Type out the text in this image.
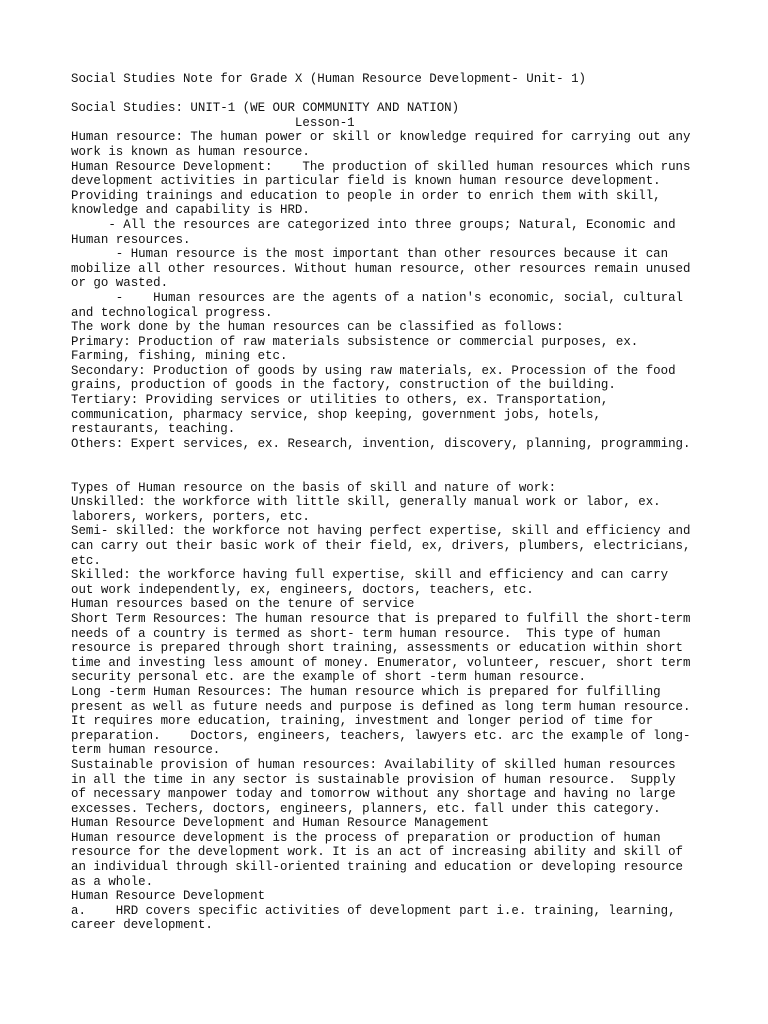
Social Studies Note for Grade X (Human Resource Development- Unit- 1)
Social Studies: UNIT-1 (WE OUR COMMUNITY AND NATION)
Lesson-1
Human resource: The human power or skill or knowledge required for carrying out any
work is known as human resource.
Human Resource Development:    The production of skilled human resources which runs
development activities in particular field is known human resource development.
Providing trainings and education to people in order to enrich them with skill,
knowledge and capability is HRD.
- All the resources are categorized into three groups; Natural, Economic and
Human resources.
- Human resource is the most important than other resources because it can
mobilize all other resources. Without human resource, other resources remain unused
or go wasted.
-    Human resources are the agents of a nation's economic, social, cultural
and technological progress.
The work done by the human resources can be classified as follows:
Primary: Production of raw materials subsistence or commercial purposes, ex.
Farming, fishing, mining etc.
Secondary: Production of goods by using raw materials, ex. Procession of the food
grains, production of goods in the factory, construction of the building.
Tertiary: Providing services or utilities to others, ex. Transportation,
communication, pharmacy service, shop keeping, government jobs, hotels,
restaurants, teaching.
Others: Expert services, ex. Research, invention, discovery, planning, programming.
Types of Human resource on the basis of skill and nature of work:
Unskilled: the workforce with little skill, generally manual work or labor, ex.
laborers, workers, porters, etc.
Semi- skilled: the workforce not having perfect expertise, skill and efficiency and
can carry out their basic work of their field, ex, drivers, plumbers, electricians,
etc.
Skilled: the workforce having full expertise, skill and efficiency and can carry
out work independently, ex, engineers, doctors, teachers, etc.
Human resources based on the tenure of service
Short Term Resources: The human resource that is prepared to fulfill the short-term
needs of a country is termed as short- term human resource.  This type of human
resource is prepared through short training, assessments or education within short
time and investing less amount of money. Enumerator, volunteer, rescuer, short term
security personal etc. are the example of short -term human resource.
Long -term Human Resources: The human resource which is prepared for fulfilling
present as well as future needs and purpose is defined as long term human resource.
It requires more education, training, investment and longer period of time for
preparation.    Doctors, engineers, teachers, lawyers etc. arc the example of long-
term human resource.
Sustainable provision of human resources: Availability of skilled human resources
in all the time in any sector is sustainable provision of human resource.  Supply
of necessary manpower today and tomorrow without any shortage and having no large
excesses. Techers, doctors, engineers, planners, etc. fall under this category.
Human Resource Development and Human Resource Management
Human resource development is the process of preparation or production of human
resource for the development work. It is an act of increasing ability and skill of
an individual through skill-oriented training and education or developing resource
as a whole.
Human Resource Development
a.    HRD covers specific activities of development part i.e. training, learning,
career development.
